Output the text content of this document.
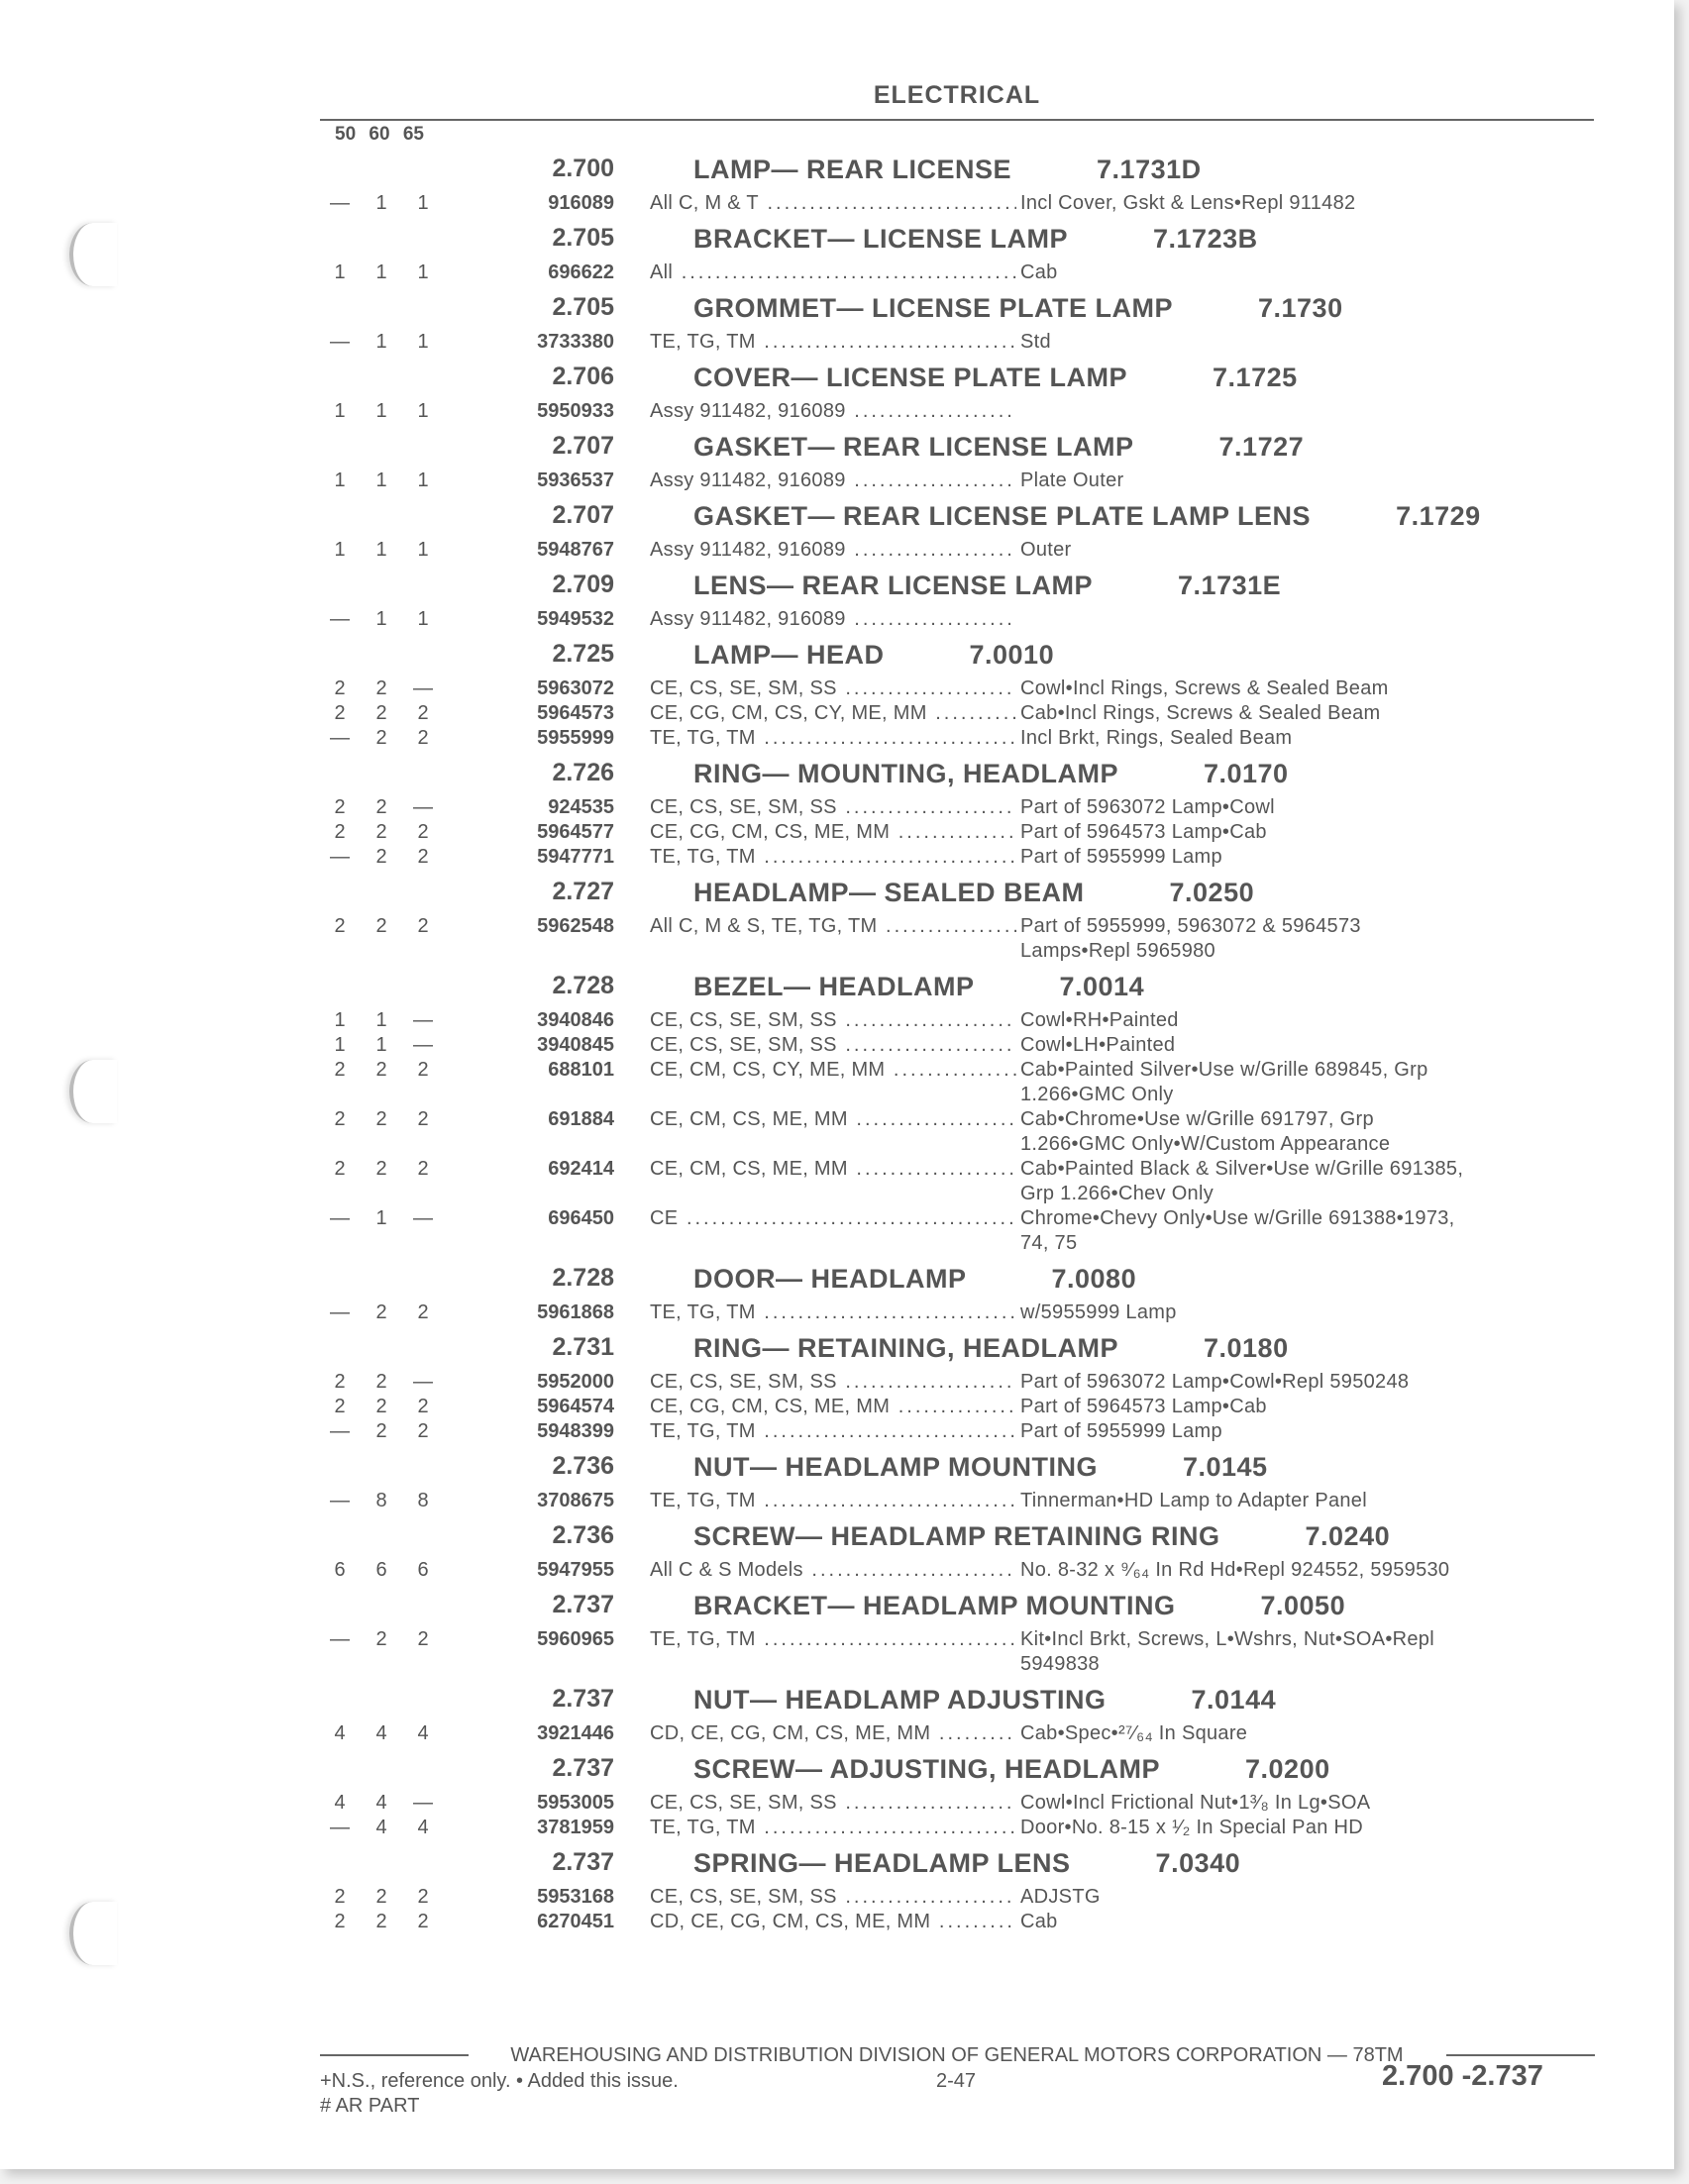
ELECTRICAL
50 60 65
2.700	LAMP— REAR LICENSE	7.1731D
—	1	1	916089 All C, M & T .....	Incl Cover, Gskt & Lens•Repl 911482
2.705	BRACKET— LICENSE LAMP	7.1723B
1	1	1	696622 All .....	Cab
2.705	GROMMET— LICENSE PLATE LAMP	7.1730
—	1	1	3733380 TE, TG, TM .....	Std
2.706	COVER— LICENSE PLATE LAMP	7.1725
1	1	1	5950933 Assy 911482, 916089 .....
2.707	GASKET— REAR LICENSE LAMP	7.1727
1	1	1	5936537 Assy 911482, 916089 .....	Plate Outer
2.707	GASKET— REAR LICENSE PLATE LAMP LENS	7.1729
1	1	1	5948767 Assy 911482, 916089 .....	Outer
2.709	LENS— REAR LICENSE LAMP	7.1731E
—	1	1	5949532 Assy 911482, 916089 .....
2.725	LAMP— HEAD	7.0010
2	2	—	5963072 CE, CS, SE, SM, SS .....	Cowl•Incl Rings, Screws & Sealed Beam
2	2	2	5964573 CE, CG, CM, CS, CY, ME, MM .....	Cab•Incl Rings, Screws & Sealed Beam
—	2	2	5955999 TE, TG, TM .....	Incl Brkt, Rings, Sealed Beam
2.726	RING— MOUNTING, HEADLAMP	7.0170
2	2	—	924535 CE, CS, SE, SM, SS .....	Part of 5963072 Lamp•Cowl
2	2	2	5964577 CE, CG, CM, CS, ME, MM .....	Part of 5964573 Lamp•Cab
—	2	2	5947771 TE, TG, TM .....	Part of 5955999 Lamp
2.727	HEADLAMP— SEALED BEAM	7.0250
2	2	2	5962548 All C, M & S, TE, TG, TM .....	Part of 5955999, 5963072 & 5964573
Lamps•Repl 5965980
2.728	BEZEL— HEADLAMP	7.0014
1	1	—	3940846 CE, CS, SE, SM, SS .....	Cowl•RH•Painted
1	1	—	3940845 CE, CS, SE, SM, SS .....	Cowl•LH•Painted
2	2	2	688101 CE, CM, CS, CY, ME, MM .....	Cab•Painted Silver•Use w/Grille 689845, Grp
1.266•GMC Only
2	2	2	691884 CE, CM, CS, ME, MM .....	Cab•Chrome•Use w/Grille 691797, Grp
1.266•GMC Only•W/Custom Appearance
2	2	2	692414 CE, CM, CS, ME, MM .....	Cab•Painted Black & Silver•Use w/Grille 691385,
Grp 1.266•Chev Only
—	1	—	696450 CE .....	Chrome•Chevy Only•Use w/Grille 691388•1973,
74, 75
2.728	DOOR— HEADLAMP	7.0080
—	2	2	5961868 TE, TG, TM .....	w/5955999 Lamp
2.731	RING— RETAINING, HEADLAMP	7.0180
2	2	—	5952000 CE, CS, SE, SM, SS .....	Part of 5963072 Lamp•Cowl•Repl 5950248
2	2	2	5964574 CE, CG, CM, CS, ME, MM .....	Part of 5964573 Lamp•Cab
—	2	2	5948399 TE, TG, TM .....	Part of 5955999 Lamp
2.736	NUT— HEADLAMP MOUNTING	7.0145
—	8	8	3708675 TE, TG, TM .....	Tinnerman•HD Lamp to Adapter Panel
2.736	SCREW— HEADLAMP RETAINING RING	7.0240
6	6	6	5947955 All C & S Models .....	No. 8-32 x ⁹⁄₆₄ In Rd Hd•Repl 924552, 5959530
2.737	BRACKET— HEADLAMP MOUNTING	7.0050
—	2	2	5960965 TE, TG, TM .....	Kit•Incl Brkt, Screws, L•Wshrs, Nut•SOA•Repl
5949838
2.737	NUT— HEADLAMP ADJUSTING	7.0144
4	4	4	3921446 CD, CE, CG, CM, CS, ME, MM .....	Cab•Spec•²⁷⁄₆₄ In Square
2.737	SCREW— ADJUSTING, HEADLAMP	7.0200
4	4	—	5953005 CE, CS, SE, SM, SS .....	Cowl•Incl Frictional Nut•1³⁄₈ In Lg•SOA
—	4	4	3781959 TE, TG, TM .....	Door•No. 8-15 x ¹⁄₂ In Special Pan HD
2.737	SPRING— HEADLAMP LENS	7.0340
2	2	2	5953168 CE, CS, SE, SM, SS .....	ADJSTG
2	2	2	6270451 CD, CE, CG, CM, CS, ME, MM .....	Cab
WAREHOUSING AND DISTRIBUTION DIVISION OF GENERAL MOTORS CORPORATION — 78TM
+N.S., reference only. • Added this issue.	2-47	2.700 -2.737
# AR PART
